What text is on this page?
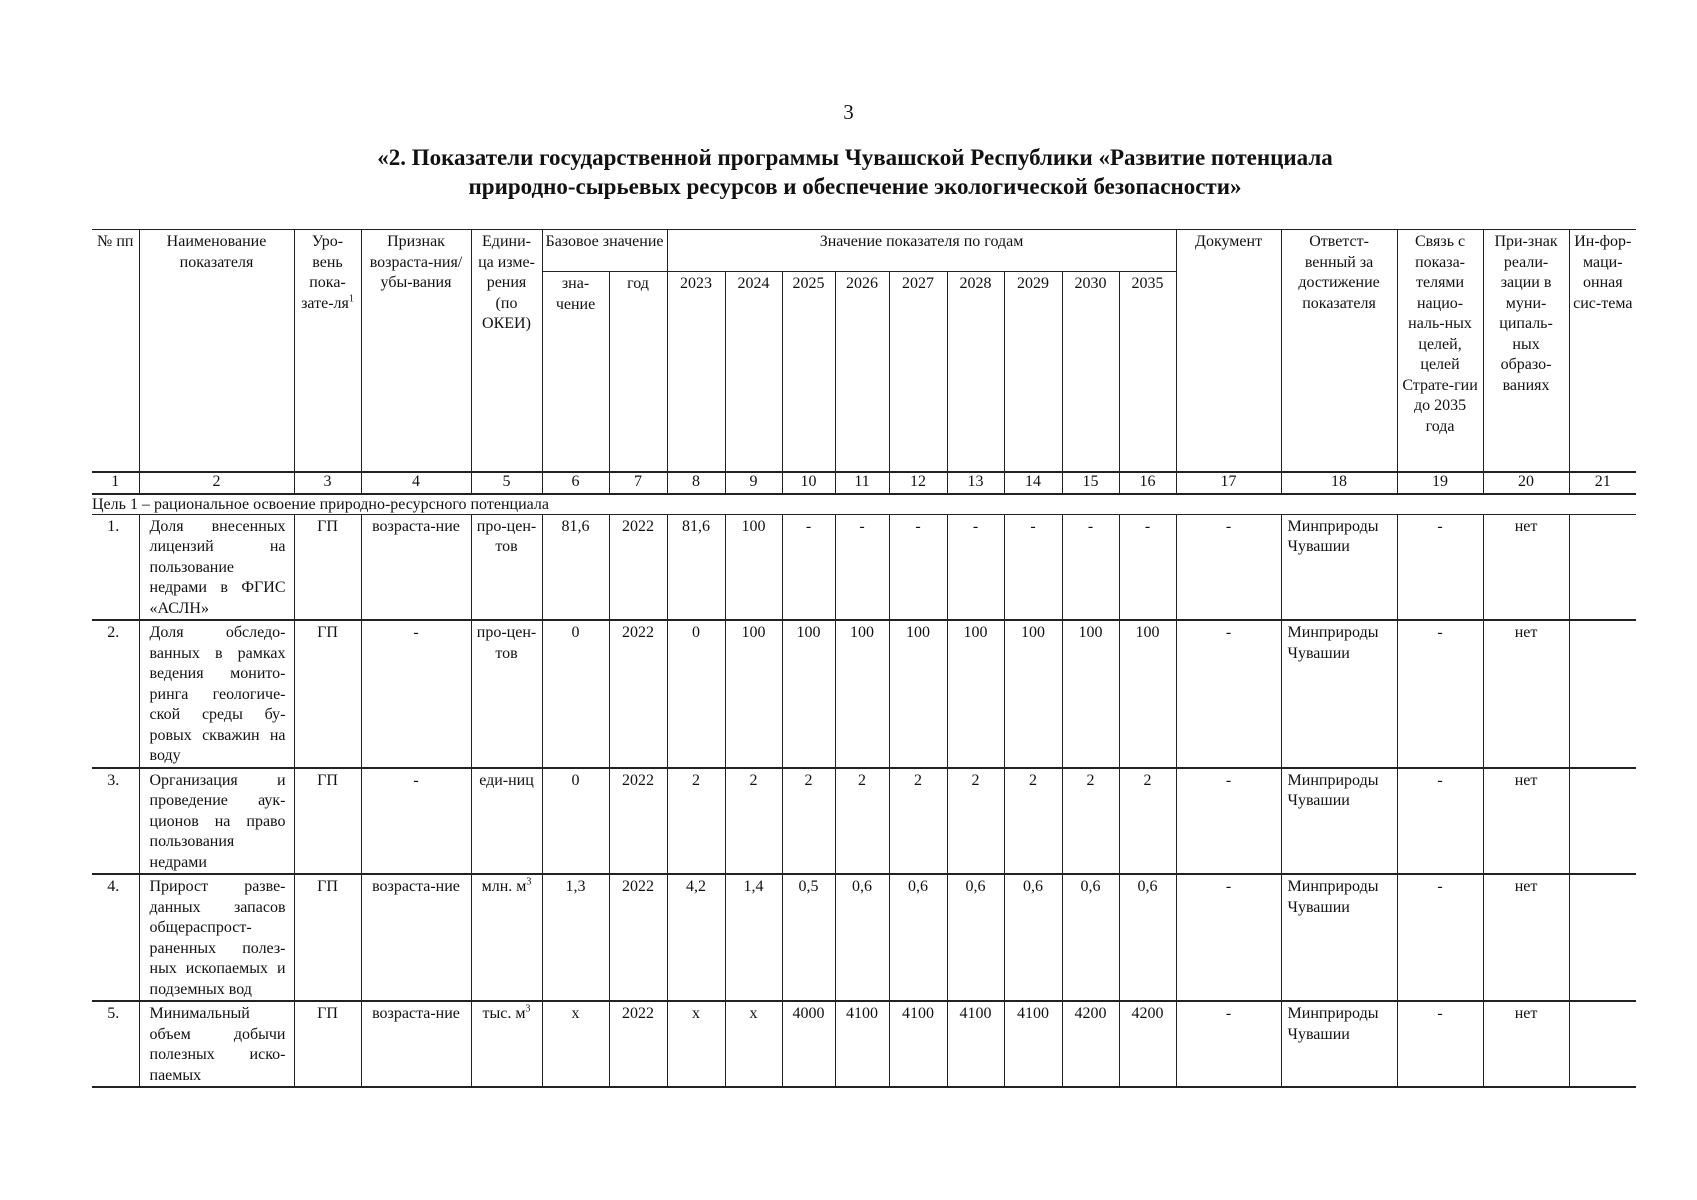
3
«2. Показатели государственной программы Чувашской Республики «Развитие потенциала
природно-сырьевых ресурсов и обеспечение экологической безопасности»
№ пп	Наименование показателя	Уро-вень пока-$зате-ля^1$	Признак возраста-ния/убы-вания	Едини-ца изме-рения (по ОКЕИ)	Базовое значение		Значение показателя по годам									Документ	Ответст-венный за достижение показателя	Связь с показа-телями нацио-наль-ных целей, целей Страте-гии до 2035 года	При-знак реали-зации в муни-ципаль-ных образо-ваниях	Ин-фор-маци-онная сис-тема
					зна-чение	год	2023	2024	2025	2026	2027	2028	2029	2030	2035					
1	2	3	4	5	6	7	8	9	10	11	12	13	14	15	16	17	18	19	20	21
Цель 1 – рациональное освоение природно-ресурсного потенциала																				
1.	Доля внесенных лицензий на пользование недрами в ФГИС «АСЛН»	ГП	возраста-ние	про-цен-тов	81,6	2022	81,6	100	-	-	-	-	-	-	-	-	Минприроды Чувашии	-	нет	
2.	Доля обследо-ванных в рамках ведения монито-ринга геологиче-ской среды бу-ровых скважин на воду	ГП	-	про-цен-тов	0	2022	0	100	100	100	100	100	100	100	100	-	Минприроды Чувашии	-	нет	
3.	Организация и проведение аук-ционов на право пользования недрами	ГП	-	еди-ниц	0	2022	2	2	2	2	2	2	2	2	2	-	Минприроды Чувашии	-	нет	
4.	Прирост разве-данных запасов общераспрост-раненных полез-ных ископаемых и подземных вод	ГП	возраста-ние	млн. $м^3$	1,3	2022	4,2	1,4	0,5	0,6	0,6	0,6	0,6	0,6	0,6	-	Минприроды Чувашии	-	нет	
5.	Минимальный объем добычи полезных иско-паемых	ГП	возраста-ние	тыс. $м^3$	х	2022	х	х	4000	4100	4100	4100	4100	4200	4200	-	Минприроды Чувашии	-	нет	
